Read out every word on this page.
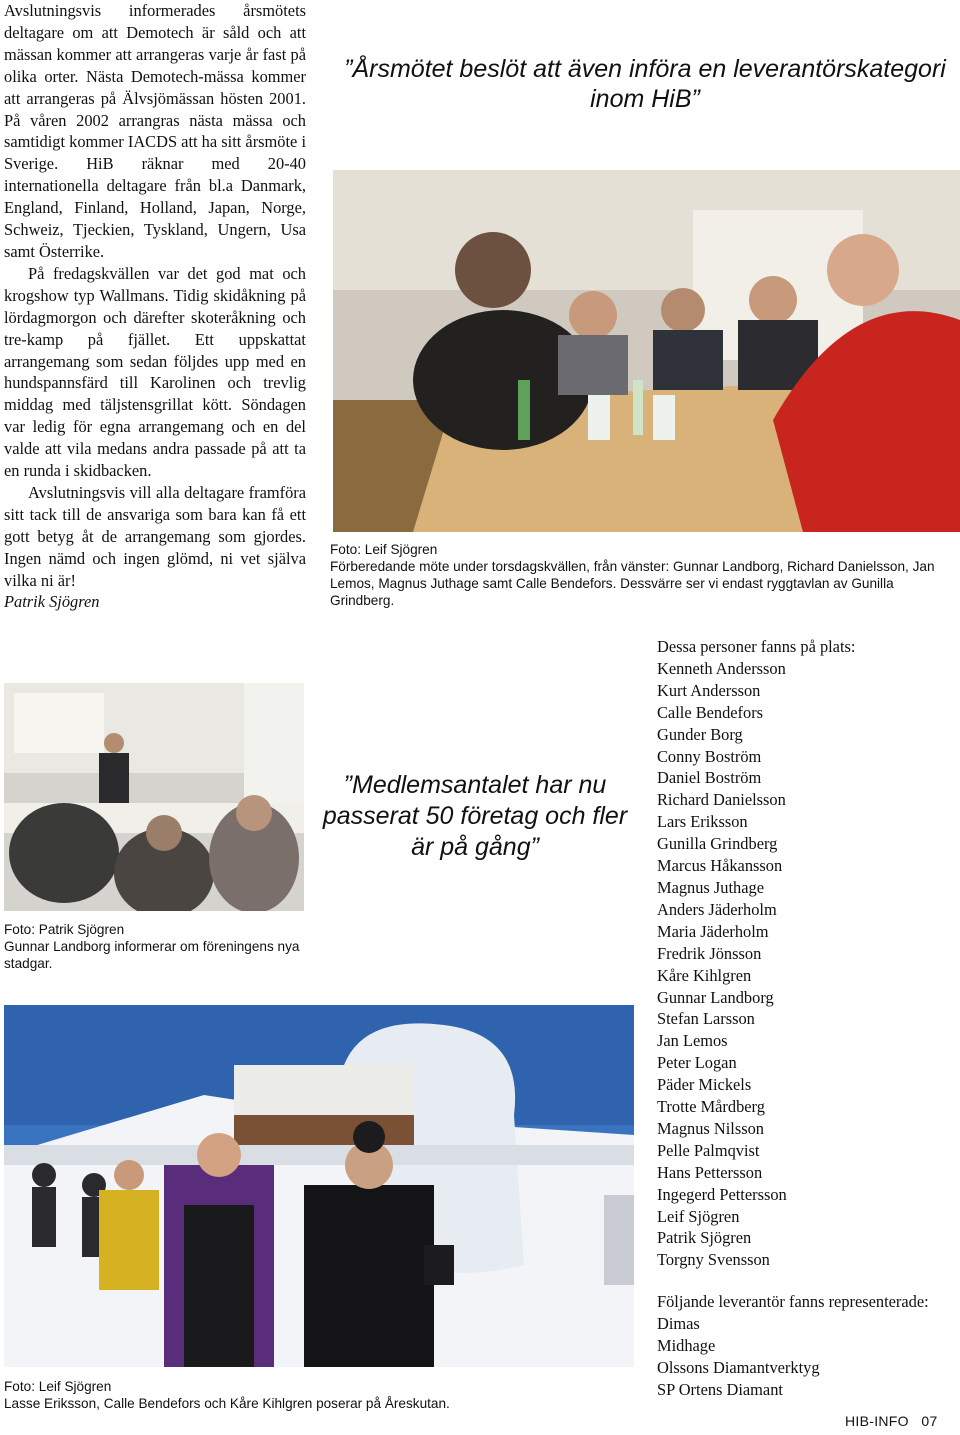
Avslutningsvis informerades årsmötets deltagare om att Demotech är såld och att mässan kommer att arrangeras varje år fast på olika orter. Nästa Demotech-mässa kommer att arrangeras på Älvsjömässan hösten 2001. På våren 2002 arrangras nästa mässa och samtidigt kommer IACDS att ha sitt årsmöte i Sverige. HiB räknar med 20-40 internationella deltagare från bl.a Danmark, England, Finland, Holland, Japan, Norge, Schweiz, Tjeckien, Tyskland, Ungern, Usa samt Österrike.

På fredagskvällen var det god mat och krogshow typ Wallmans. Tidig skidåkning på lördagmorgon och därefter skoteråkning och tre-kamp på fjället. Ett uppskattat arrangemang som sedan följdes upp med en hundspannsfärd till Karolinen och trevlig middag med täljstensgrillat kött. Söndagen var ledig för egna arrangemang och en del valde att vila medans andra passade på att ta en runda i skidbacken.

Avslutningsvis vill alla deltagare framföra sitt tack till de ansvariga som bara kan få ett gott betyg åt de arrangemang som gjordes. Ingen nämd och ingen glömd, ni vet själva vilka ni är!

Patrik Sjögren

”Årsmötet beslöt att även införa en leverantörskategori inom HiB”
Foto: Leif Sjögren
Förberedande möte under torsdagskvällen, från vänster: Gunnar Landborg, Richard Danielsson, Jan Lemos, Magnus Juthage samt Calle Bendefors. Dessvärre ser vi endast ryggtavlan av Gunilla Grindberg.
Foto: Patrik Sjögren
Gunnar Landborg informerar om föreningens nya stadgar.
”Medlemsantalet har nu passerat 50 företag och fler är på gång”
Foto: Leif Sjögren
Lasse Eriksson, Calle Bendefors och Kåre Kihlgren poserar på Åreskutan.
Dessa personer fanns på plats:
Kenneth Andersson
Kurt Andersson
Calle Bendefors
Gunder Borg
Conny Boström
Daniel Boström
Richard Danielsson
Lars Eriksson
Gunilla Grindberg
Marcus Håkansson
Magnus Juthage
Anders Jäderholm
Maria Jäderholm
Fredrik Jönsson
Kåre Kihlgren
Gunnar Landborg
Stefan Larsson
Jan Lemos
Peter Logan
Päder Mickels
Trotte Mårdberg
Magnus Nilsson
Pelle Palmqvist
Hans Pettersson
Ingegerd Pettersson
Leif Sjögren
Patrik Sjögren
Torgny Svensson
Följande leverantör fanns representerade:
Dimas
Midhage
Olssons Diamantverktyg
SP Ortens Diamant
HIB-INFO 07
